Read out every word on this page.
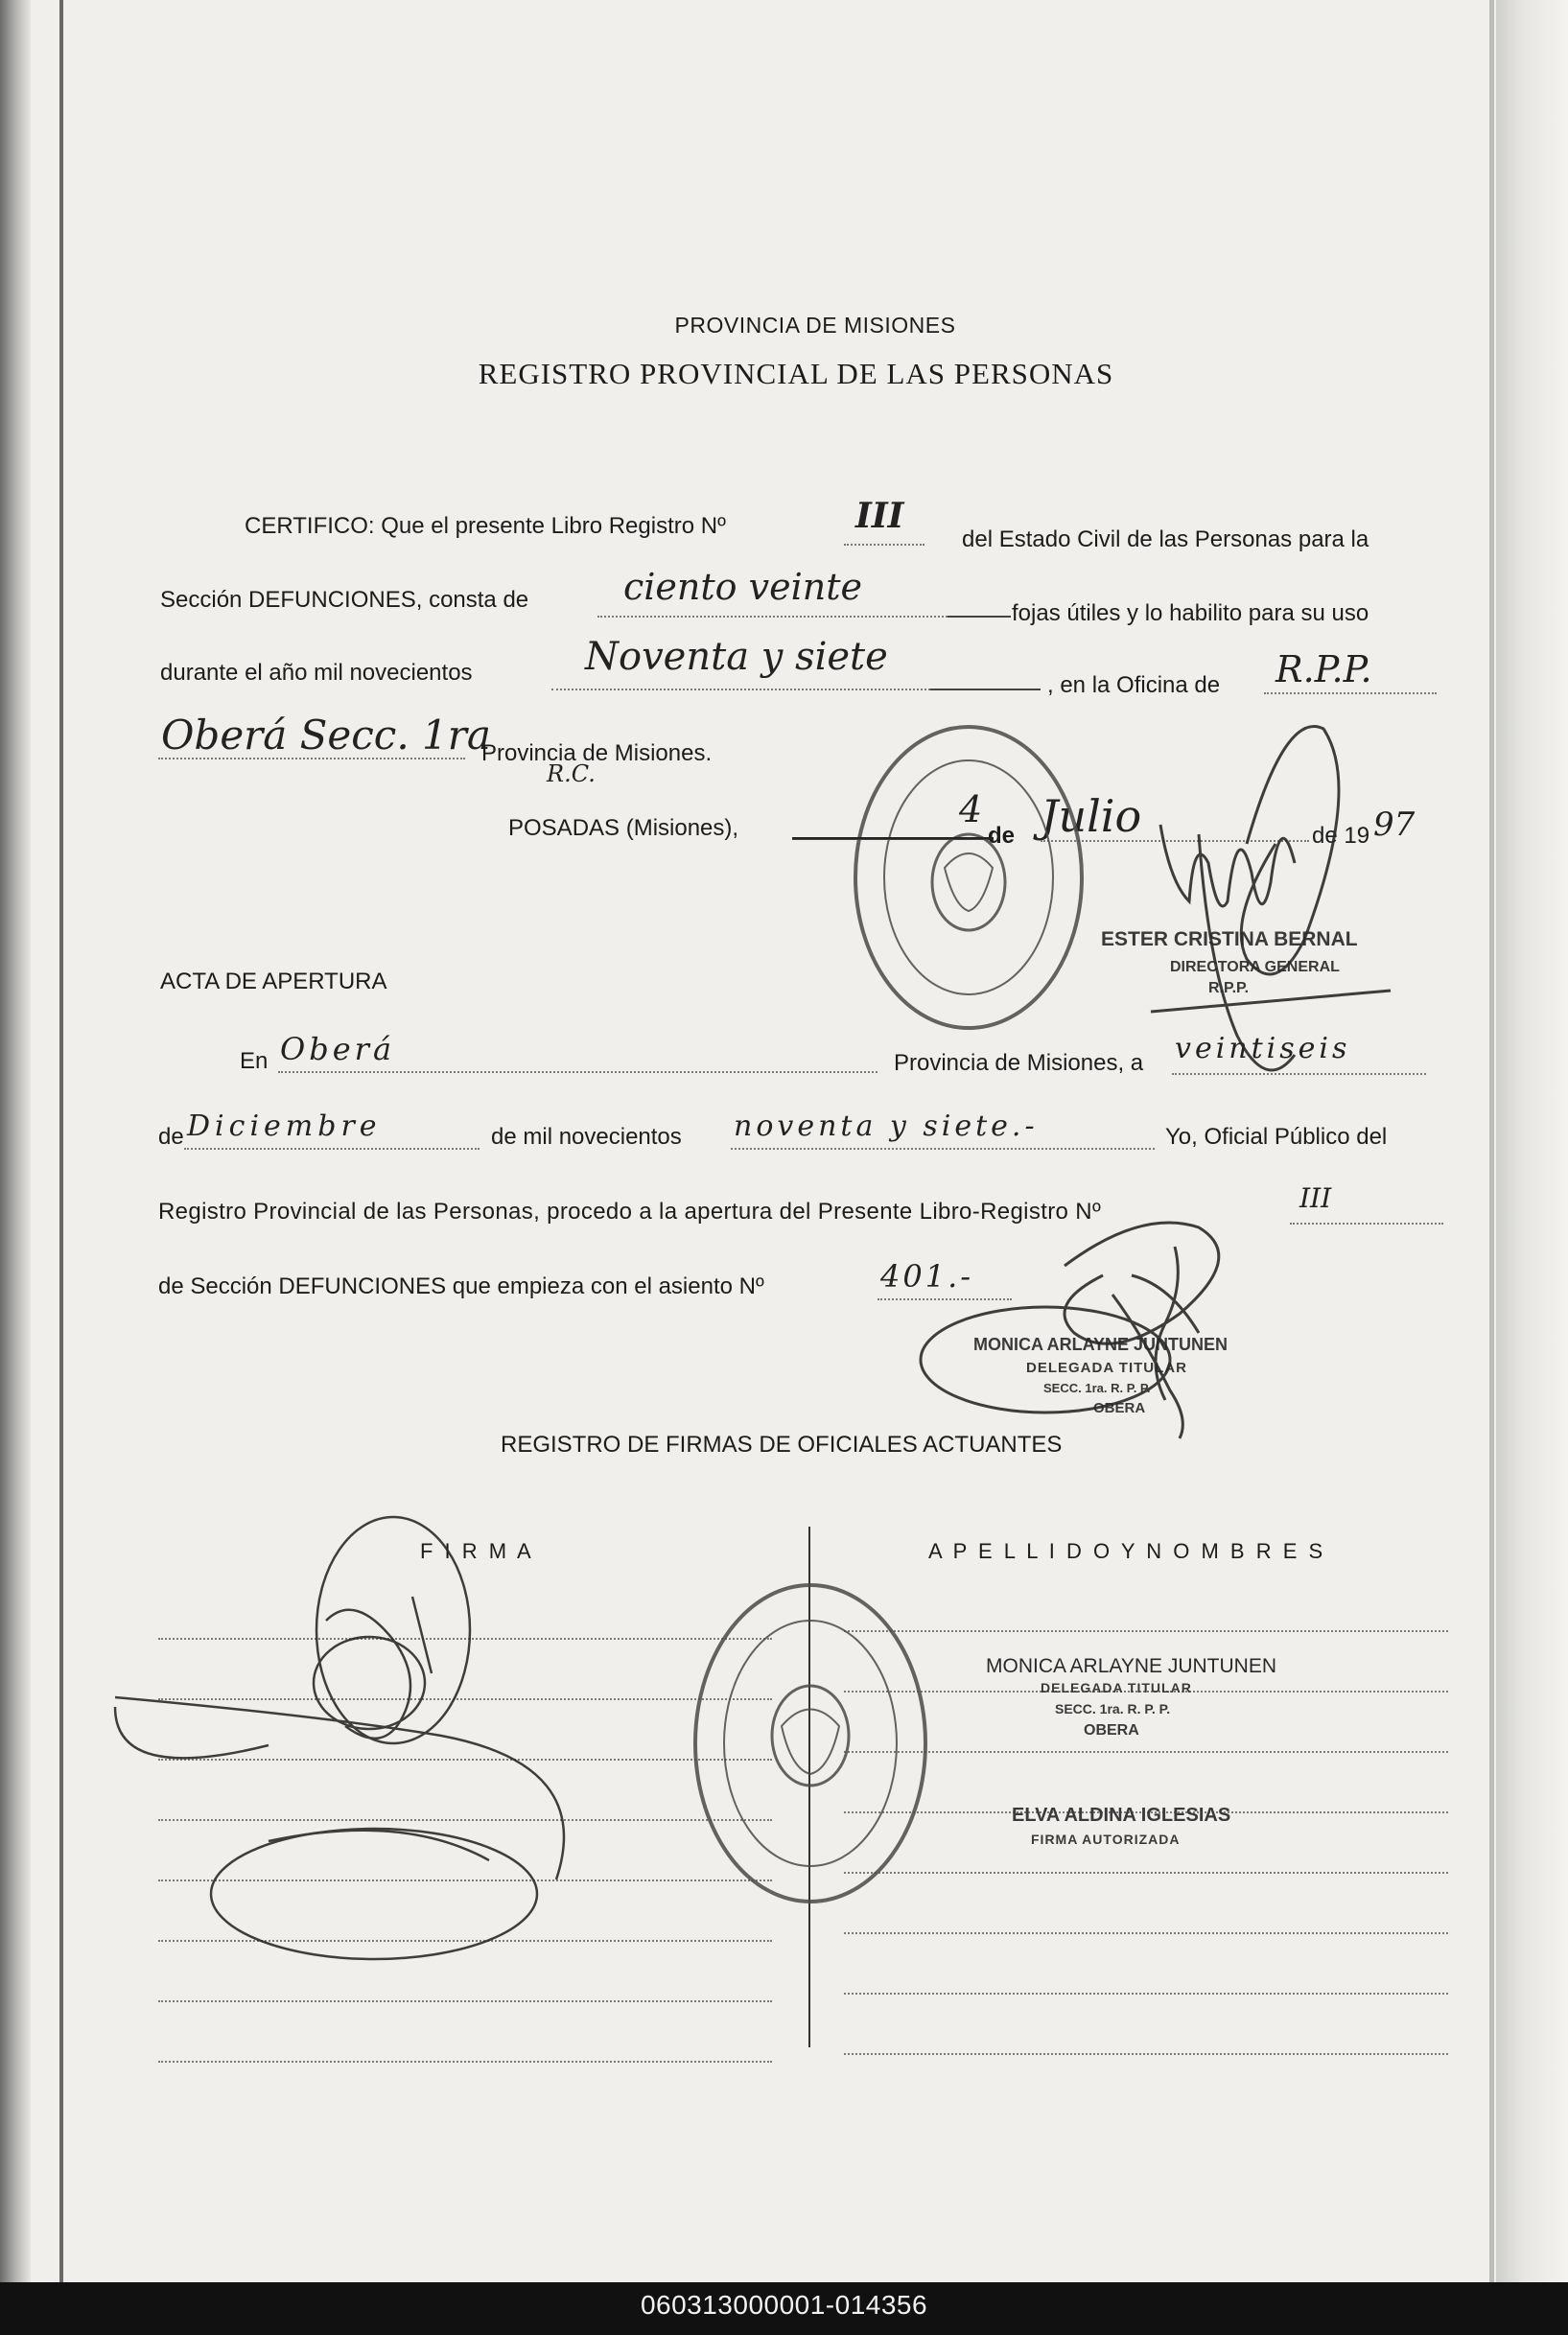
PROVINCIA DE MISIONES
REGISTRO PROVINCIAL DE LAS PERSONAS
CERTIFICO: Que el presente Libro Registro Nº	III
del Estado Civil de las Personas para la
Sección DEFUNCIONES, consta de	ciento veinte
fojas útiles y lo habilito para su uso
durante el año mil novecientos	Noventa y siete
, en la Oficina de R.P.P.
Oberá Secc. 1ra
Provincia de Misiones.
R.C.
POSADAS (Misiones),	4
de Julio	de 19 97
ESTER CRISTINA BERNAL
DIRECTORA GENERAL
R.P.P.
ACTA DE APERTURA
En Oberá	Provincia de Misiones, a veintiseis
de Diciembre	de mil novecientos noventa y siete.-	Yo, Oficial Público del
Registro Provincial de las Personas, procedo a la apertura del Presente Libro-Registro Nº	III
de Sección DEFUNCIONES que empieza con el asiento Nº	401.-
MONICA ARLAYNE JUNTUNEN
DELEGADA TITULAR
SECC. 1ra. R. P. P.
OBERA
REGISTRO DE FIRMAS DE OFICIALES ACTUANTES
F I R M A	A P E L L I D O Y N O M B R E S
MONICA ARLAYNE JUNTUNEN
DELEGADA TITULAR
SECC. 1ra. R. P. P.
OBERA
ELVA ALDINA IGLESIAS
FIRMA AUTORIZADA
060313000001-014356
